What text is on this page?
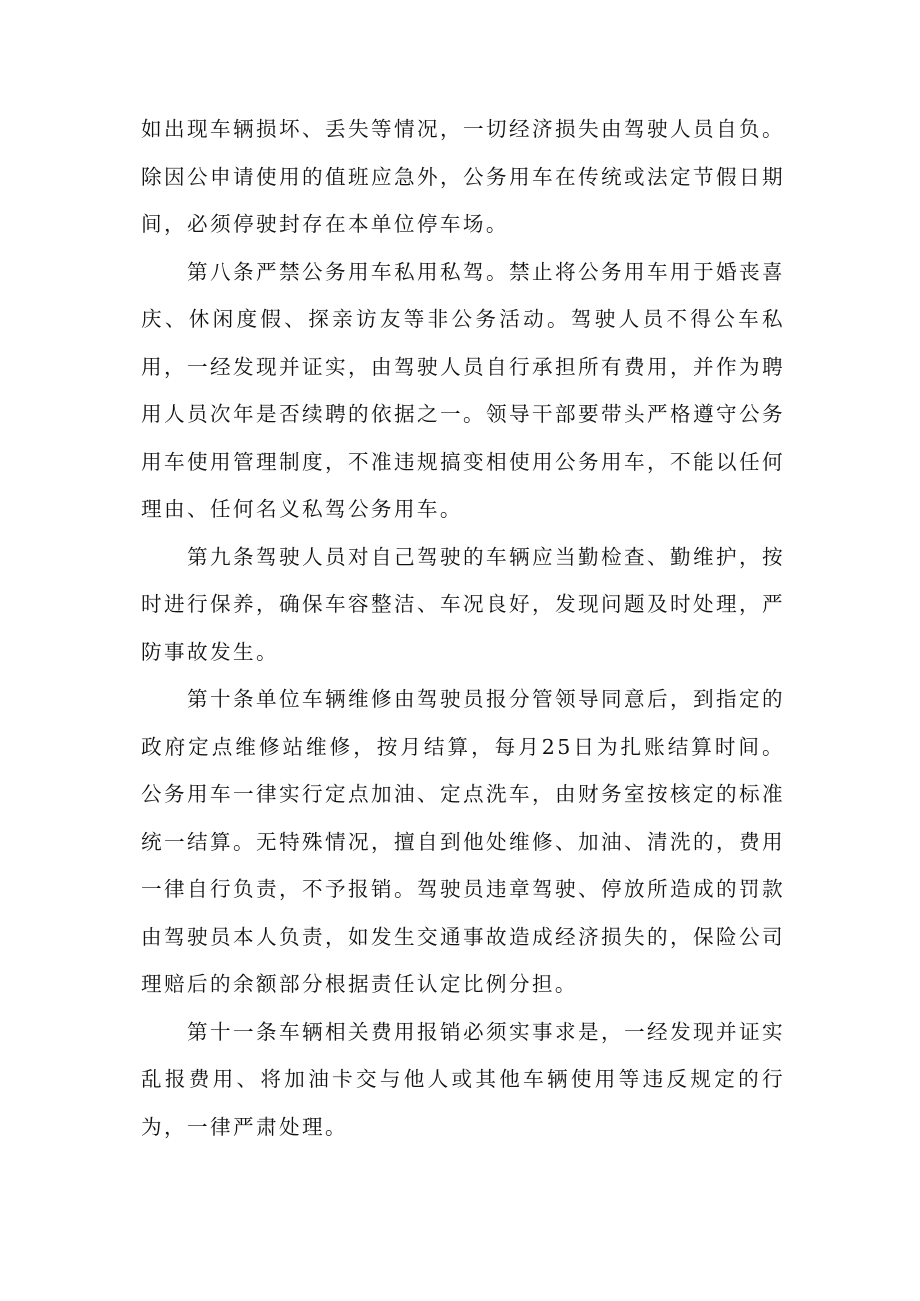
如出现车辆损坏、丢失等情况，一切经济损失由驾驶人员自负。除因公申请使用的值班应急外，公务用车在传统或法定节假日期间，必须停驶封存在本单位停车场。

第八条严禁公务用车私用私驾。禁止将公务用车用于婚丧喜庆、休闲度假、探亲访友等非公务活动。驾驶人员不得公车私用，一经发现并证实，由驾驶人员自行承担所有费用，并作为聘用人员次年是否续聘的依据之一。领导干部要带头严格遵守公务用车使用管理制度，不准违规搞变相使用公务用车，不能以任何理由、任何名义私驾公务用车。

第九条驾驶人员对自己驾驶的车辆应当勤检查、勤维护，按时进行保养，确保车容整洁、车况良好，发现问题及时处理，严防事故发生。

第十条单位车辆维修由驾驶员报分管领导同意后，到指定的政府定点维修站维修，按月结算，每月25日为扎账结算时间。公务用车一律实行定点加油、定点洗车，由财务室按核定的标准统一结算。无特殊情况，擅自到他处维修、加油、清洗的，费用一律自行负责，不予报销。驾驶员违章驾驶、停放所造成的罚款由驾驶员本人负责，如发生交通事故造成经济损失的，保险公司理赔后的余额部分根据责任认定比例分担。

第十一条车辆相关费用报销必须实事求是，一经发现并证实乱报费用、将加油卡交与他人或其他车辆使用等违反规定的行为，一律严肃处理。
